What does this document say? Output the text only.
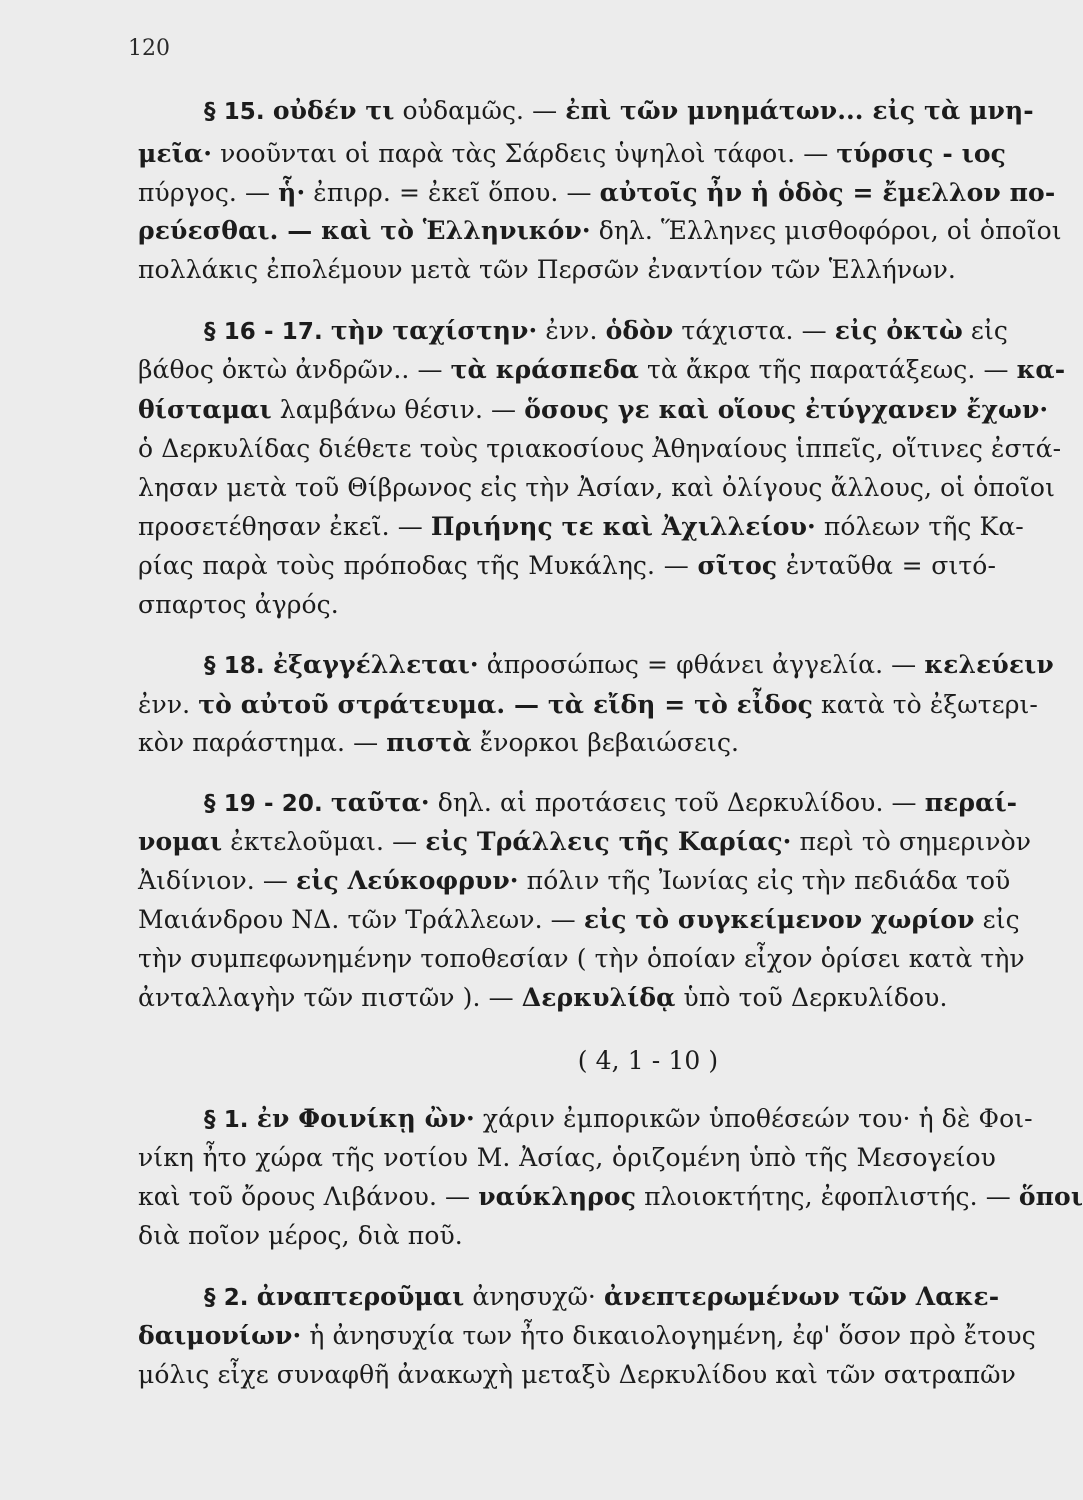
120
§ 15. οὐδέν τι οὐδαμῶς. — ἐπὶ τῶν μνημάτων... εἰς τὰ μνη-
μεῖα· νοοῦνται οἱ παρὰ τὰς Σάρδεις ὑψηλοὶ τάφοι. — τύρσις - ιος
πύργος. — ἧ· ἐπιρρ. = ἐκεῖ ὅπου. — αὐτοῖς ἦν ἡ ὁδὸς = ἔμελλον πο-
ρεύεσθαι. — καὶ τὸ Ἑλληνικόν· δηλ. Ἕλληνες μισθοφόροι, οἱ ὁποῖοι
πολλάκις ἐπολέμουν μετὰ τῶν Περσῶν ἐναντίον τῶν Ἑλλήνων.
§ 16 - 17. τὴν ταχίστην· ἐνν. ὁδὸν τάχιστα. — εἰς ὀκτὼ εἰς
βάθος ὀκτὼ ἀνδρῶν.. — τὰ κράσπεδα τὰ ἄκρα τῆς παρατάξεως. — κα-
θίσταμαι λαμβάνω θέσιν. — ὅσους γε καὶ οἵους ἐτύγχανεν ἔχων·
ὁ Δερκυλίδας διέθετε τοὺς τριακοσίους Ἀθηναίους ἱππεῖς, οἵτινες ἐστά-
λησαν μετὰ τοῦ Θίβρωνος εἰς τὴν Ἀσίαν, καὶ ὀλίγους ἄλλους, οἱ ὁποῖοι
προσετέθησαν ἐκεῖ. — Πριήνης τε καὶ Ἀχιλλείου· πόλεων τῆς Κα-
ρίας παρὰ τοὺς πρόποδας τῆς Μυκάλης. — σῖτος ἐνταῦθα = σιτό-
σπαρτος ἀγρός.
§ 18. ἐξαγγέλλεται· ἀπροσώπως = φθάνει ἀγγελία. — κελεύειν
ἐνν. τὸ αὐτοῦ στράτευμα. — τὰ εἴδη = τὸ εἶδος κατὰ τὸ ἐξωτερι-
κὸν παράστημα. — πιστὰ ἔνορκοι βεβαιώσεις.
§ 19 - 20. ταῦτα· δηλ. αἱ προτάσεις τοῦ Δερκυλίδου. — περαί-
νομαι ἐκτελοῦμαι. — εἰς Τράλλεις τῆς Καρίας· περὶ τὸ σημερινὸν
Ἀιδίνιον. — εἰς Λεύκοφρυν· πόλιν τῆς Ἰωνίας εἰς τὴν πεδιάδα τοῦ
Μαιάνδρου ΝΔ. τῶν Τράλλεων. — εἰς τὸ συγκείμενον χωρίον εἰς
τὴν συμπεφωνημένην τοποθεσίαν ( τὴν ὁποίαν εἶχον ὁρίσει κατὰ τὴν
ἀνταλλαγὴν τῶν πιστῶν ). — Δερκυλίδᾳ ὑπὸ τοῦ Δερκυλίδου.
( 4, 1 - 10 )
§ 1. ἐν Φοινίκῃ ὢν· χάριν ἐμπορικῶν ὑποθέσεών του· ἡ δὲ Φοι-
νίκη ἦτο χώρα τῆς νοτίου Μ. Ἀσίας, ὁριζομένη ὑπὸ τῆς Μεσογείου
καὶ τοῦ ὄρους Λιβάνου. — ναύκληρος πλοιοκτήτης, ἐφοπλιστής. — ὅποι
διὰ ποῖον μέρος, διὰ ποῦ.
§ 2. ἀναπτεροῦμαι ἀνησυχῶ· ἀνεπτερωμένων τῶν Λακε-
δαιμονίων· ἡ ἀνησυχία των ἦτο δικαιολογημένη, ἐφ' ὅσον πρὸ ἔτους
μόλις εἶχε συναφθῆ ἀνακωχὴ μεταξὺ Δερκυλίδου καὶ τῶν σατραπῶν
